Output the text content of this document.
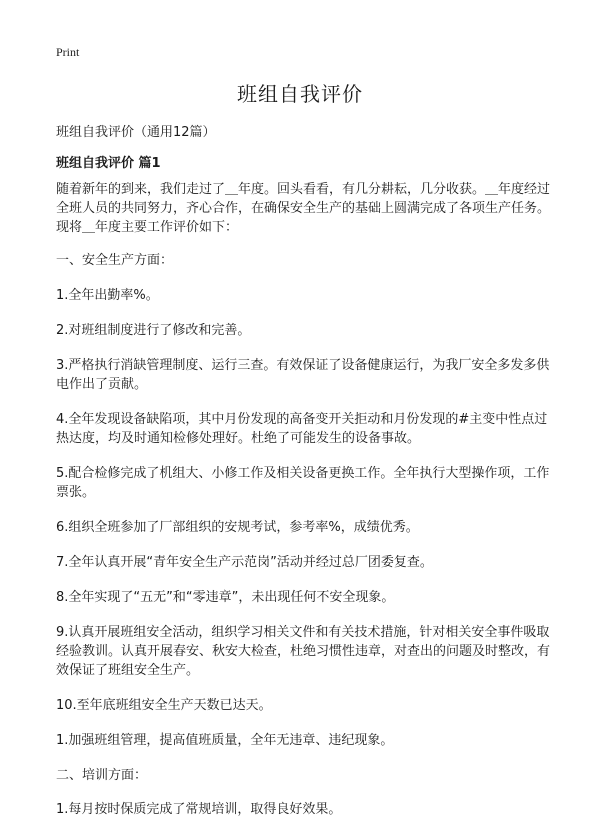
Print
班组自我评价

班组自我评价（通用12篇）

班组自我评价 篇1

随着新年的到来，我们走过了＿年度。回头看看，有几分耕耘，几分收获。＿年度经过全班人员的共同努力，齐心合作，在确保安全生产的基础上圆满完成了各项生产任务。现将＿年度主要工作评价如下：

一、安全生产方面：

1.全年出勤率%。

2.对班组制度进行了修改和完善。

3.严格执行消缺管理制度、运行三查。有效保证了设备健康运行，为我厂安全多发多供电作出了贡献。

4.全年发现设备缺陷项，其中月份发现的高备变开关拒动和月份发现的#主变中性点过热达度，均及时通知检修处理好。杜绝了可能发生的设备事故。

5.配合检修完成了机组大、小修工作及相关设备更换工作。全年执行大型操作项，工作票张。

6.组织全班参加了厂部组织的安规考试，参考率%，成绩优秀。

7.全年认真开展“青年安全生产示范岗”活动并经过总厂团委复查。

8.全年实现了“五无”和“零违章”，未出现任何不安全现象。

9.认真开展班组安全活动，组织学习相关文件和有关技术措施，针对相关安全事件吸取经验教训。认真开展春安、秋安大检查，杜绝习惯性违章，对查出的问题及时整改，有效保证了班组安全生产。

10.至年底班组安全生产天数已达天。

1.加强班组管理，提高值班质量，全年无违章、违纪现象。

二、培训方面：

1.每月按时保质完成了常规培训，取得良好效果。
